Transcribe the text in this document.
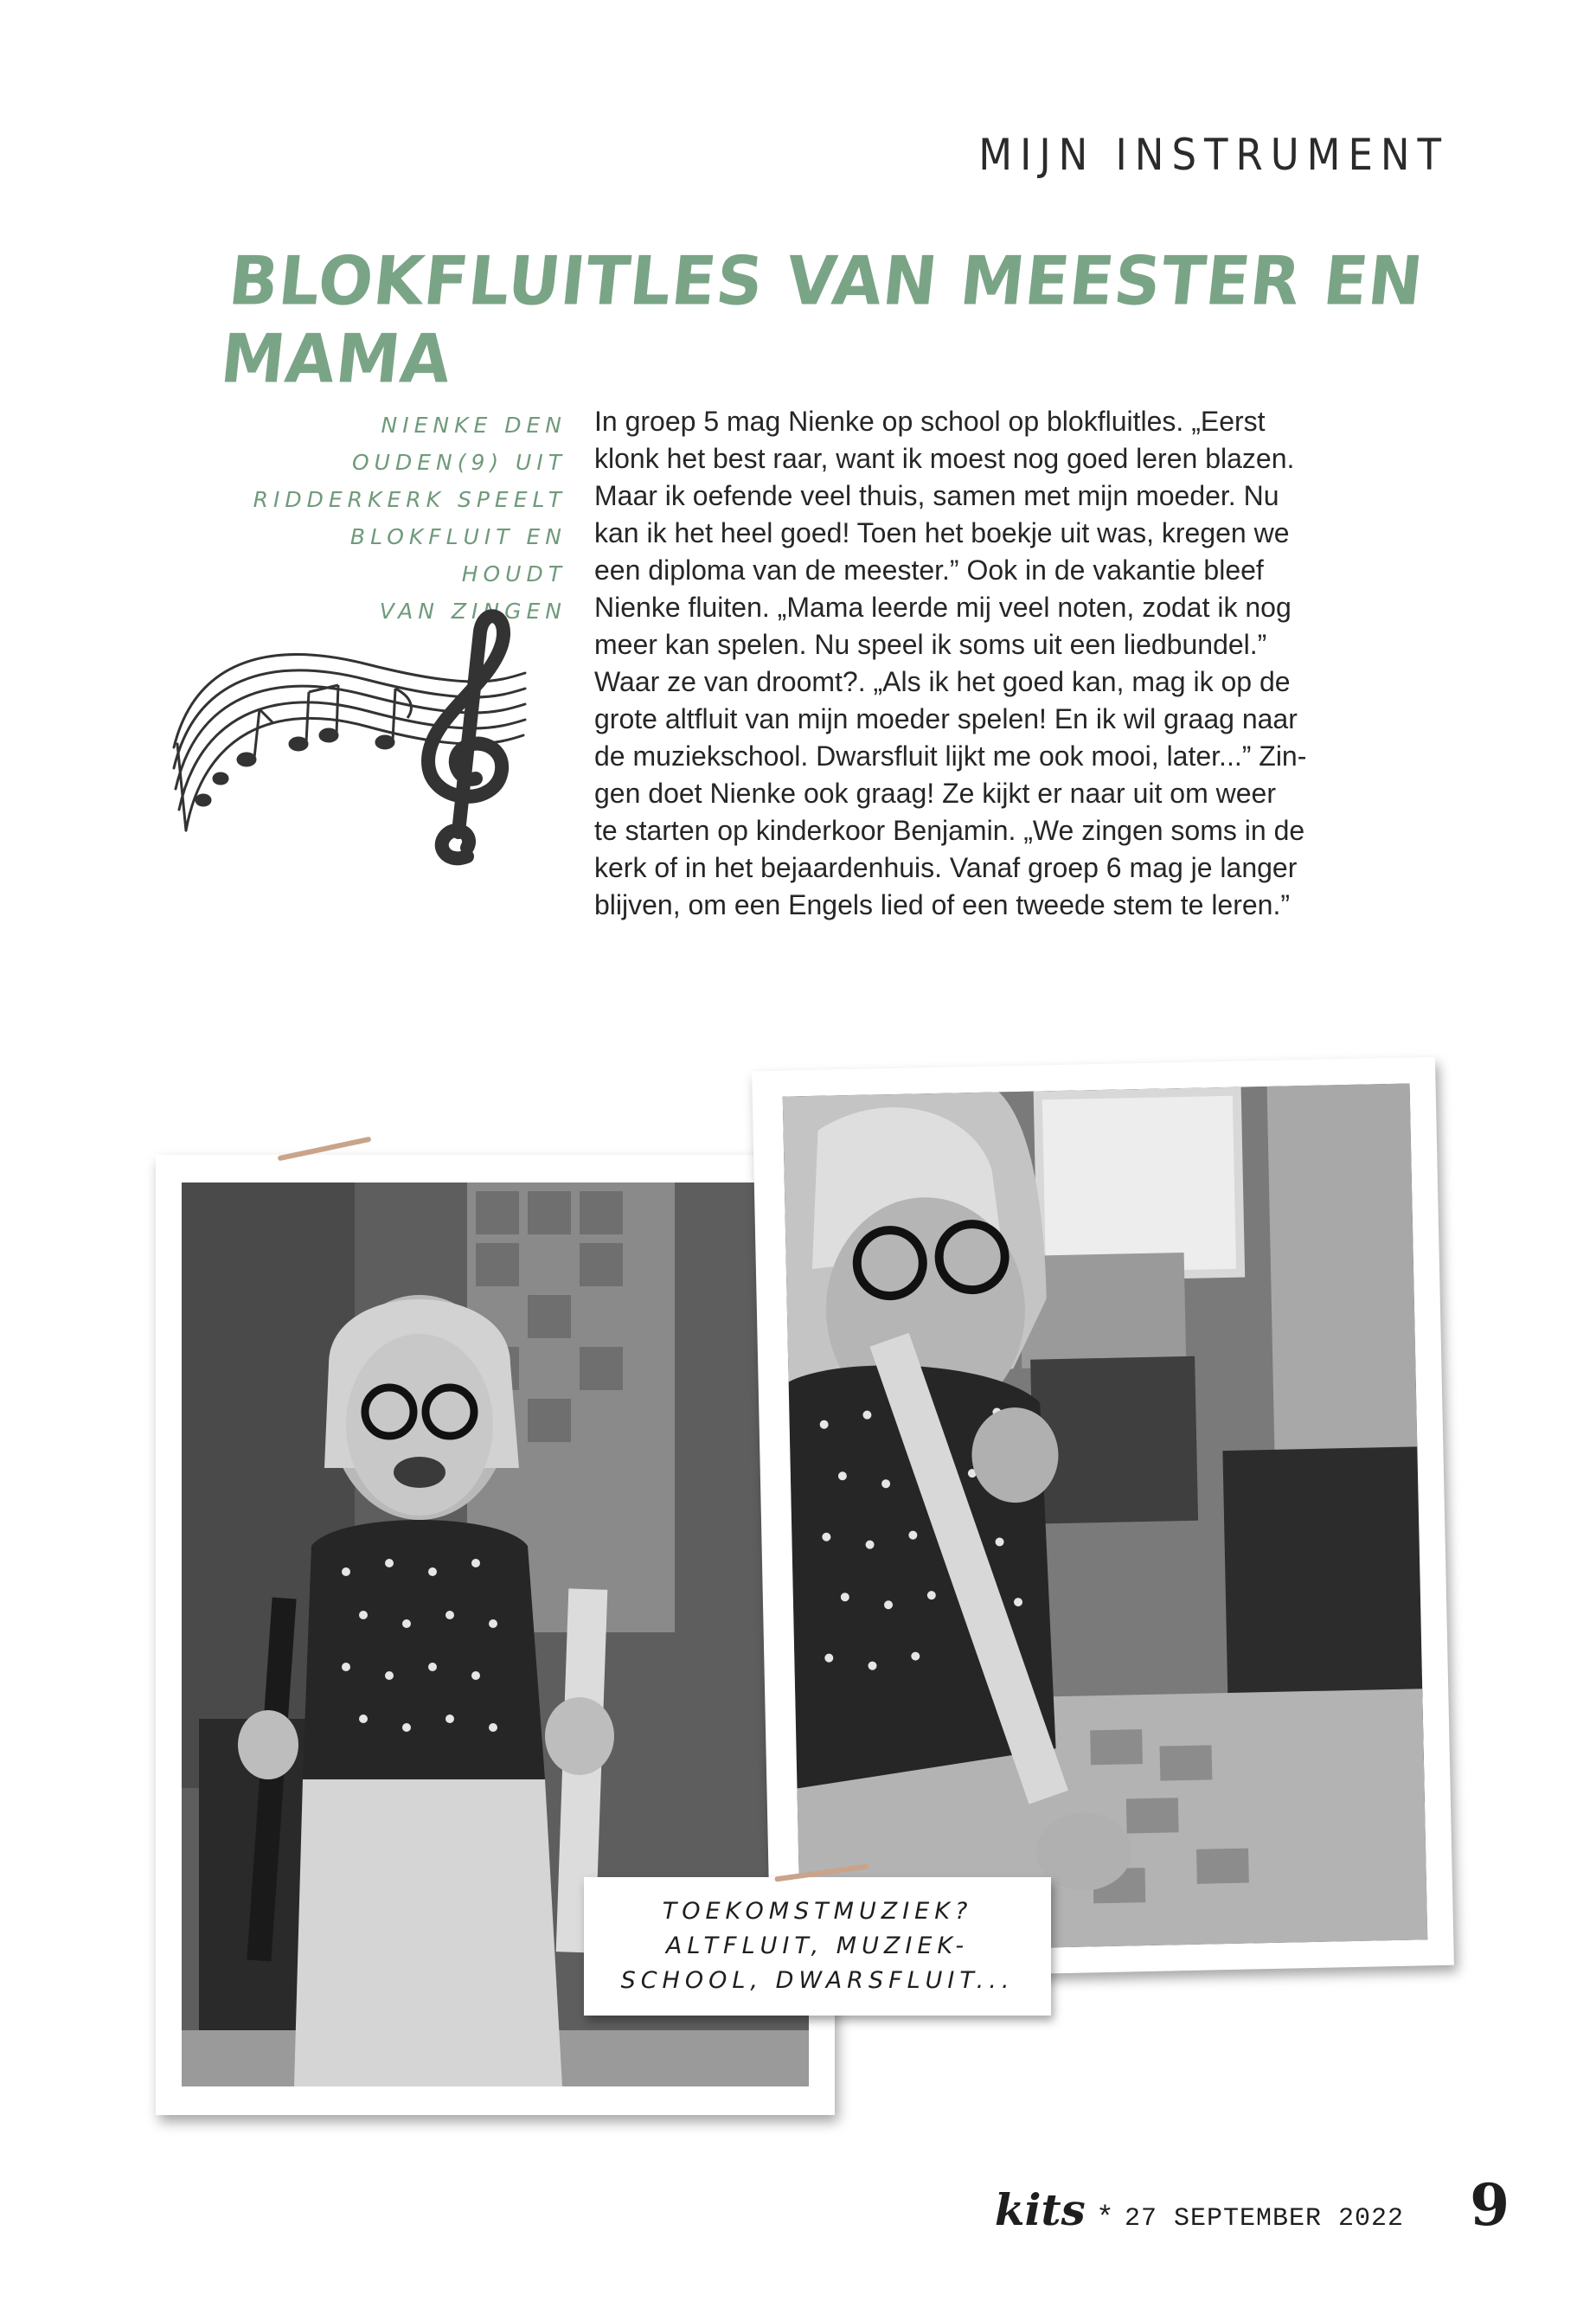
MIJN INSTRUMENT
BLOKFLUITLES VAN MEESTER EN MAMA
NIENKE DEN
OUDEN(9) UIT
RIDDERKERK SPEELT
BLOKFLUIT EN HOUDT
VAN ZINGEN
In groep 5 mag Nienke op school op blokfluitles. „Eerst
klonk het best raar, want ik moest nog goed leren blazen.
Maar ik oefende veel thuis, samen met mijn moeder. Nu
kan ik het heel goed! Toen het boekje uit was, kregen we
een diploma van de meester.” Ook in de vakantie bleef
Nienke fluiten. „Mama leerde mij veel noten, zodat ik nog
meer kan spelen. Nu speel ik soms uit een liedbundel.”
Waar ze van droomt?. „Als ik het goed kan, mag ik op de
grote altfluit van mijn moeder spelen! En ik wil graag naar
de muziekschool. Dwarsfluit lijkt me ook mooi, later...” Zin-
gen doet Nienke ook graag! Ze kijkt er naar uit om weer
te starten op kinderkoor Benjamin. „We zingen soms in de
kerk of in het bejaardenhuis. Vanaf groep 6 mag je langer
blijven, om een Engels lied of een tweede stem te leren.”
TOEKOMSTMUZIEK?
ALTFLUIT, MUZIEK-
SCHOOL, DWARSFLUIT...
kits * 27 SEPTEMBER 2022 9
